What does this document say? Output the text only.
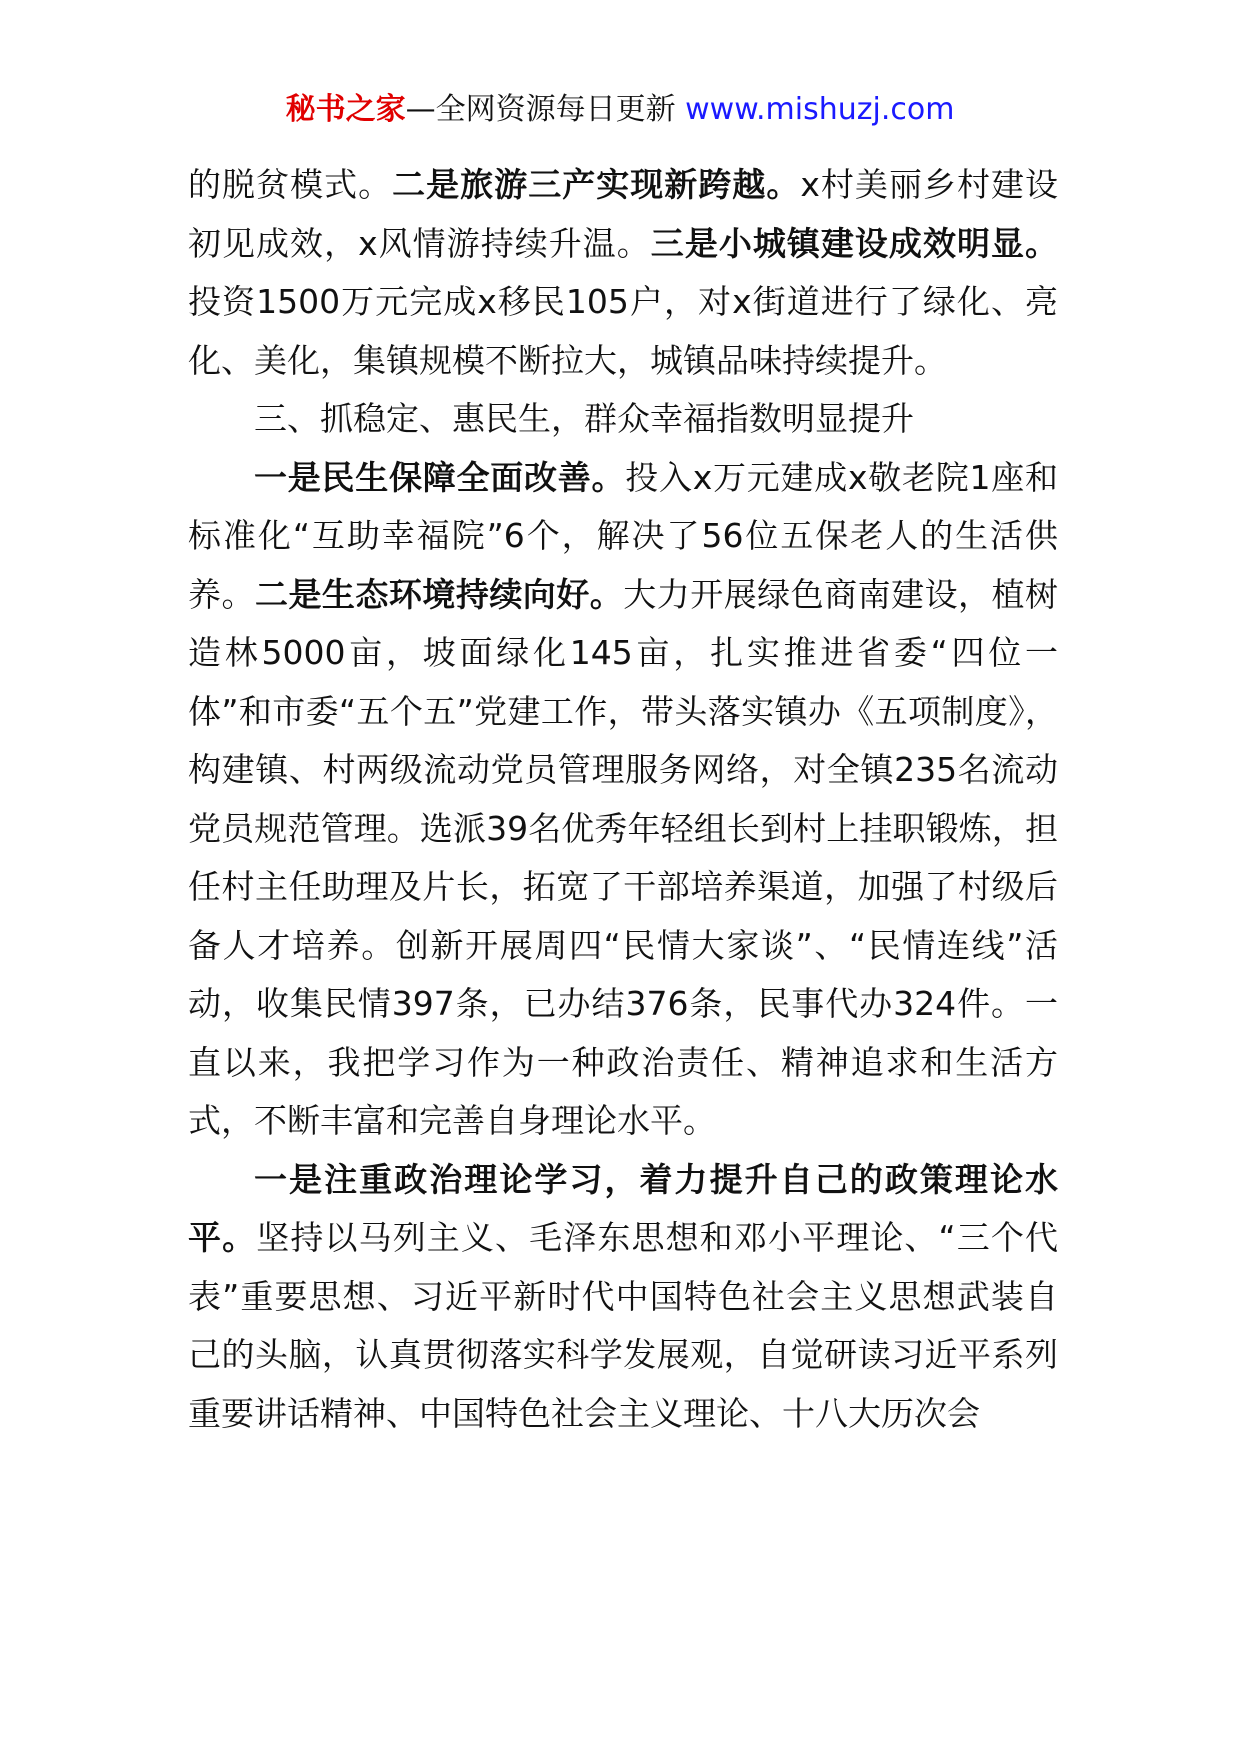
秘书之家—全网资源每日更新 www.mishuzj.com

的脱贫模式。二是旅游三产实现新跨越。x村美丽乡村建设初见成效，x风情游持续升温。三是小城镇建设成效明显。投资1500万元完成x移民105户，对x街道进行了绿化、亮化、美化，集镇规模不断拉大，城镇品味持续提升。

三、抓稳定、惠民生，群众幸福指数明显提升

一是民生保障全面改善。投入x万元建成x敬老院1座和标准化“互助幸福院”6个，解决了56位五保老人的生活供养。二是生态环境持续向好。大力开展绿色商南建设，植树造林5000亩，坡面绿化145亩，扎实推进省委“四位一体”和市委“五个五”党建工作，带头落实镇办《五项制度》，构建镇、村两级流动党员管理服务网络，对全镇235名流动党员规范管理。选派39名优秀年轻组长到村上挂职锻炼，担任村主任助理及片长，拓宽了干部培养渠道，加强了村级后备人才培养。创新开展周四“民情大家谈”、“民情连线”活动，收集民情397条，已办结376条，民事代办324件。一直以来，我把学习作为一种政治责任、精神追求和生活方式，不断丰富和完善自身理论水平。

一是注重政治理论学习，着力提升自己的政策理论水平。坚持以马列主义、毛泽东思想和邓小平理论、“三个代表”重要思想、习近平新时代中国特色社会主义思想武装自己的头脑，认真贯彻落实科学发展观，自觉研读习近平系列重要讲话精神、中国特色社会主义理论、十八大历次会
